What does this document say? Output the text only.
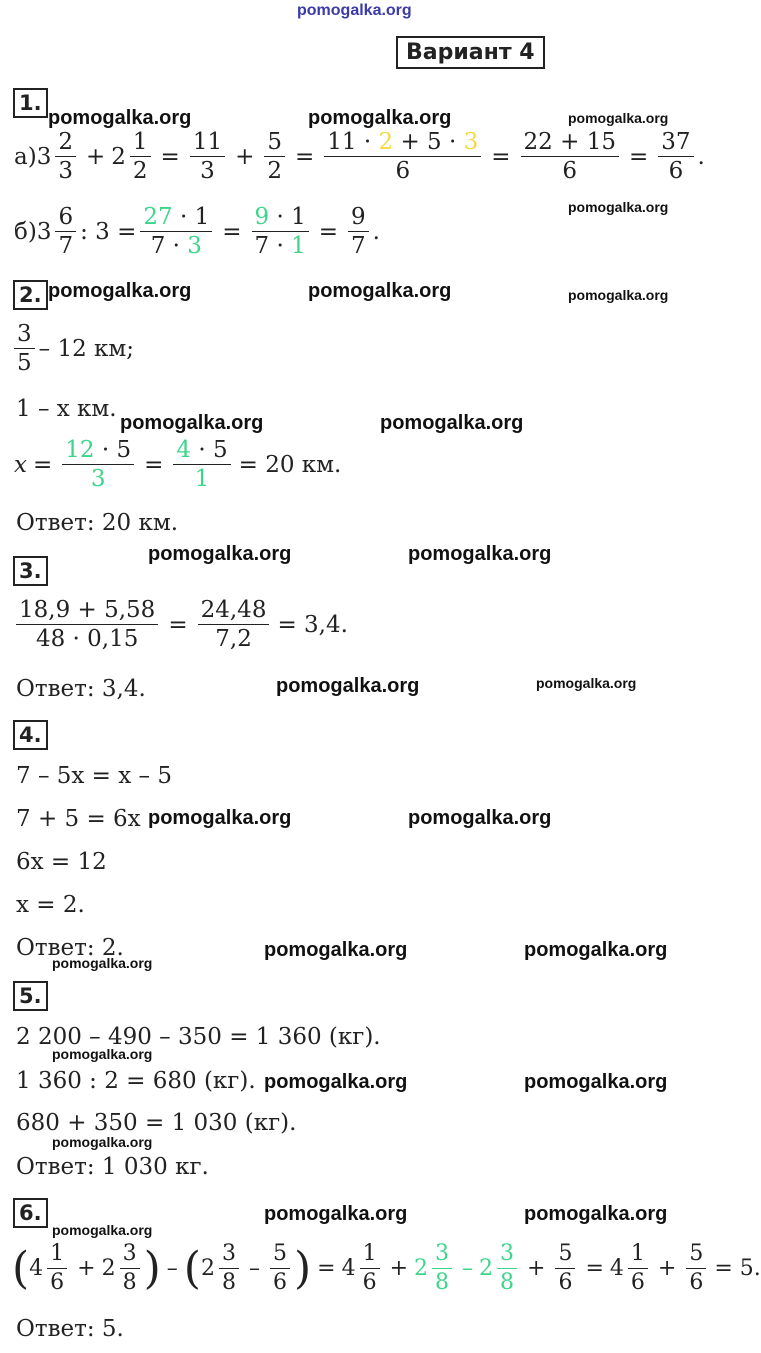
pomogalka.org
Вариант 4
1.
pomogalka.org	pomogalka.org	pomogalka.org
а) $3 \frac{2}{3} + 2 \frac{1}{2} = \frac{11}{3} + \frac{5}{2} = \frac{11 \cdot 2 + 5 \cdot 3}{6} = \frac{22 + 15}{6} = \frac{37}{6}$ .
pomogalka.org
б) $3 \frac{6}{7}$ : $3 = \frac{27 \cdot 1}{7 \cdot 3} = \frac{9 \cdot 1}{7 \cdot 1} = \frac{9}{7}$ .
2. pomogalka.org	pomogalka.org	pomogalka.org
$\frac{3}{5} - 12$ км;
1 – x км.
pomogalka.org	pomogalka.org
$x = \frac{12 \cdot 5}{3} = \frac{4 \cdot 5}{1} = 20$ км.
Ответ: 20 км.
3.
pomogalka.org	pomogalka.org
$\frac{18,9 + 5,58}{48 \cdot 0,15} = \frac{24,48}{7,2} = 3,4$.
Ответ: 3,4.	pomogalka.org	pomogalka.org
4.
7 – 5x = x – 5
7 + 5 = 6x pomogalka.org	pomogalka.org
6x = 12
x = 2.
Ответ: 2.
pomogalka.org
pomogalka.org	pomogalka.org
5.
2 200 – 490 – 350 = 1 360 (кг).
pomogalka.org
1 360 : 2 = 680 (кг). pomogalka.org	pomogalka.org
680 + 350 = 1 030 (кг).
pomogalka.org
Ответ: 1 030 кг.
6.	pomogalka.org	pomogalka.org
pomogalka.org
( $4 \frac{1}{6} + 2 \frac{3}{8}$ ) – ( $2 \frac{3}{8} - \frac{5}{6}$ ) = $4 \frac{1}{6} + 2 \frac{3}{8} - 2 \frac{3}{8} + \frac{5}{6} = 4 \frac{1}{6} + \frac{5}{6} = 5$.
Ответ: 5.
